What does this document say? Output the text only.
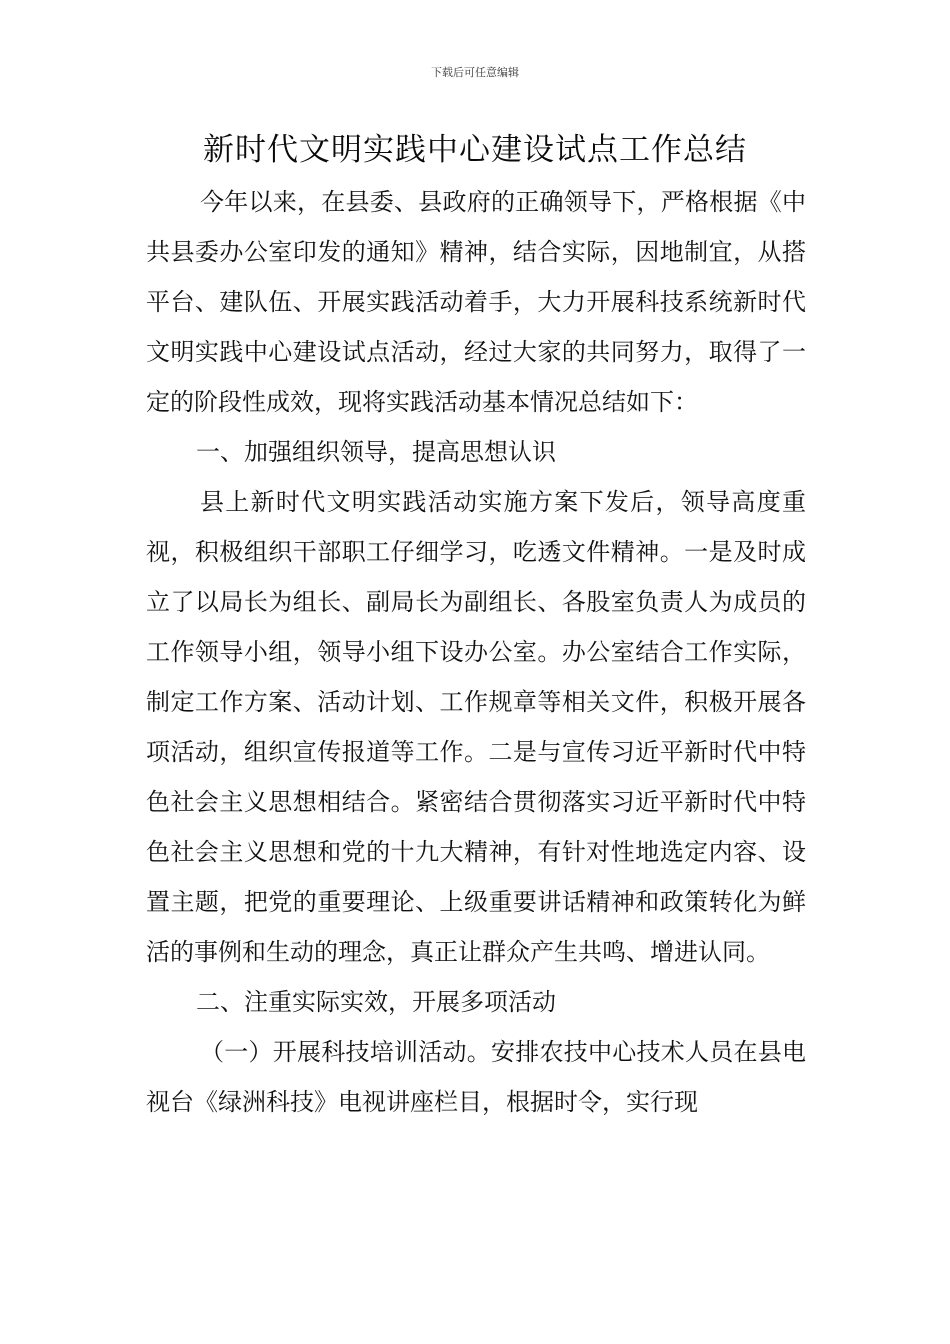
下载后可任意编辑
新时代文明实践中心建设试点工作总结

今年以来，在县委、县政府的正确领导下，严格根据《中共县委办公室印发的通知》精神，结合实际，因地制宜，从搭平台、建队伍、开展实践活动着手，大力开展科技系统新时代文明实践中心建设试点活动，经过大家的共同努力，取得了一定的阶段性成效，现将实践活动基本情况总结如下：

一、加强组织领导，提高思想认识

县上新时代文明实践活动实施方案下发后，领导高度重视，积极组织干部职工仔细学习，吃透文件精神。一是及时成立了以局长为组长、副局长为副组长、各股室负责人为成员的工作领导小组，领导小组下设办公室。办公室结合工作实际，制定工作方案、活动计划、工作规章等相关文件，积极开展各项活动，组织宣传报道等工作。二是与宣传习近平新时代中特色社会主义思想相结合。紧密结合贯彻落实习近平新时代中特色社会主义思想和党的十九大精神，有针对性地选定内容、设置主题，把党的重要理论、上级重要讲话精神和政策转化为鲜活的事例和生动的理念，真正让群众产生共鸣、增进认同。

二、注重实际实效，开展多项活动

（一）开展科技培训活动。安排农技中心技术人员在县电视台《绿洲科技》电视讲座栏目，根据时令，实行现
